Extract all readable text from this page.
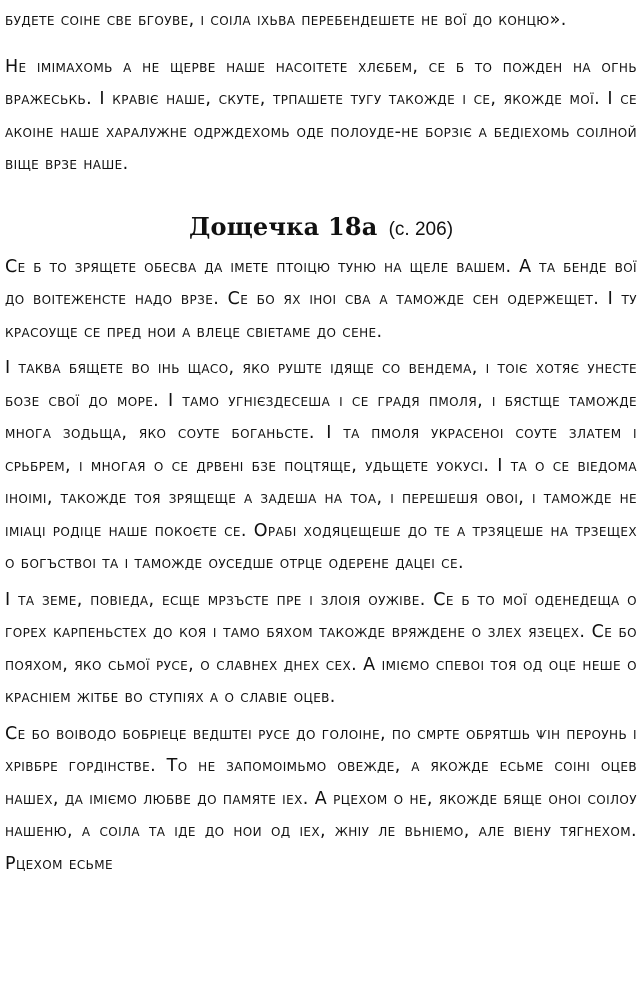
будете соіне све бгоуве, і соіла іхьва перебендешете не вої до концю».

Не імімахомь а не щерве наше насоітете хлєбем, се б то пожден на огнь вражеськь. І кравіє наше, скуте, трпашете тугу такожде і се, якожде мої. І се акоіне наше харалужне одрждехомь оде полоуде-не борзіє а бедіехомь соілной віще врзе наше.

Дощечка 18а (с. 206)

Се б то зрящете обесва да імете птоіцю туню на щеле вашем. А та бенде вої до воітеженсте надо врзе. Се бо ях іноі сва а таможде сен одержещет. І ту красоуще се пред нои а влеце свіетаме до сене.

І таква бящете во інь щасо, яко руште ідяще со вендема, і тоіє хотяє унесте бозе свої до море. І тамо угнієздесеша і се градя пмоля, і бястще таможде многа зодьща, яко соуте боганьсте. І та пмоля украсеноі соуте златем і срьбрем, і многая о се дрвені бзе поцтяще, удьщете уокусі. І та о се віедома іноімі, такожде тоя зрящеще а задеша на тоа, і перешешя овоі, і таможде не іміаці родіце наше покоєте се. Орабі ходяцещеше до те а трзяцеше на трзещех о богъствоі та і таможде оуседше отрце одерене дацеі се.

І та земе, повіеда, есще мрзъсте пре і злоія оужіве. Се б то мої оденедеща о горех карпеньстех до коя і тамо бяхом такожде вряждене о злех язецех. Се бо пояхом, яко сьмої русе, о славнех днех сех. А іміємо спевоі тоя од оце неше о красніем жітбе во ступіях а о славіе оцев.

Се бо воіводо бобріеце ведштеі русе до голоіне, по смрте обрятшь ѱін пероунь і хрівбре гордінстве. То не запомоімьмо овежде, а якожде есьме соіні оцев нашех, да іміємо любве до памяте іех. А рцехом о не, якожде бяще оноі соілоу нашеню, а соіла та іде до нои од іех, жніу ле вьніемо, але віену тягнехом. Рцехом есьме
